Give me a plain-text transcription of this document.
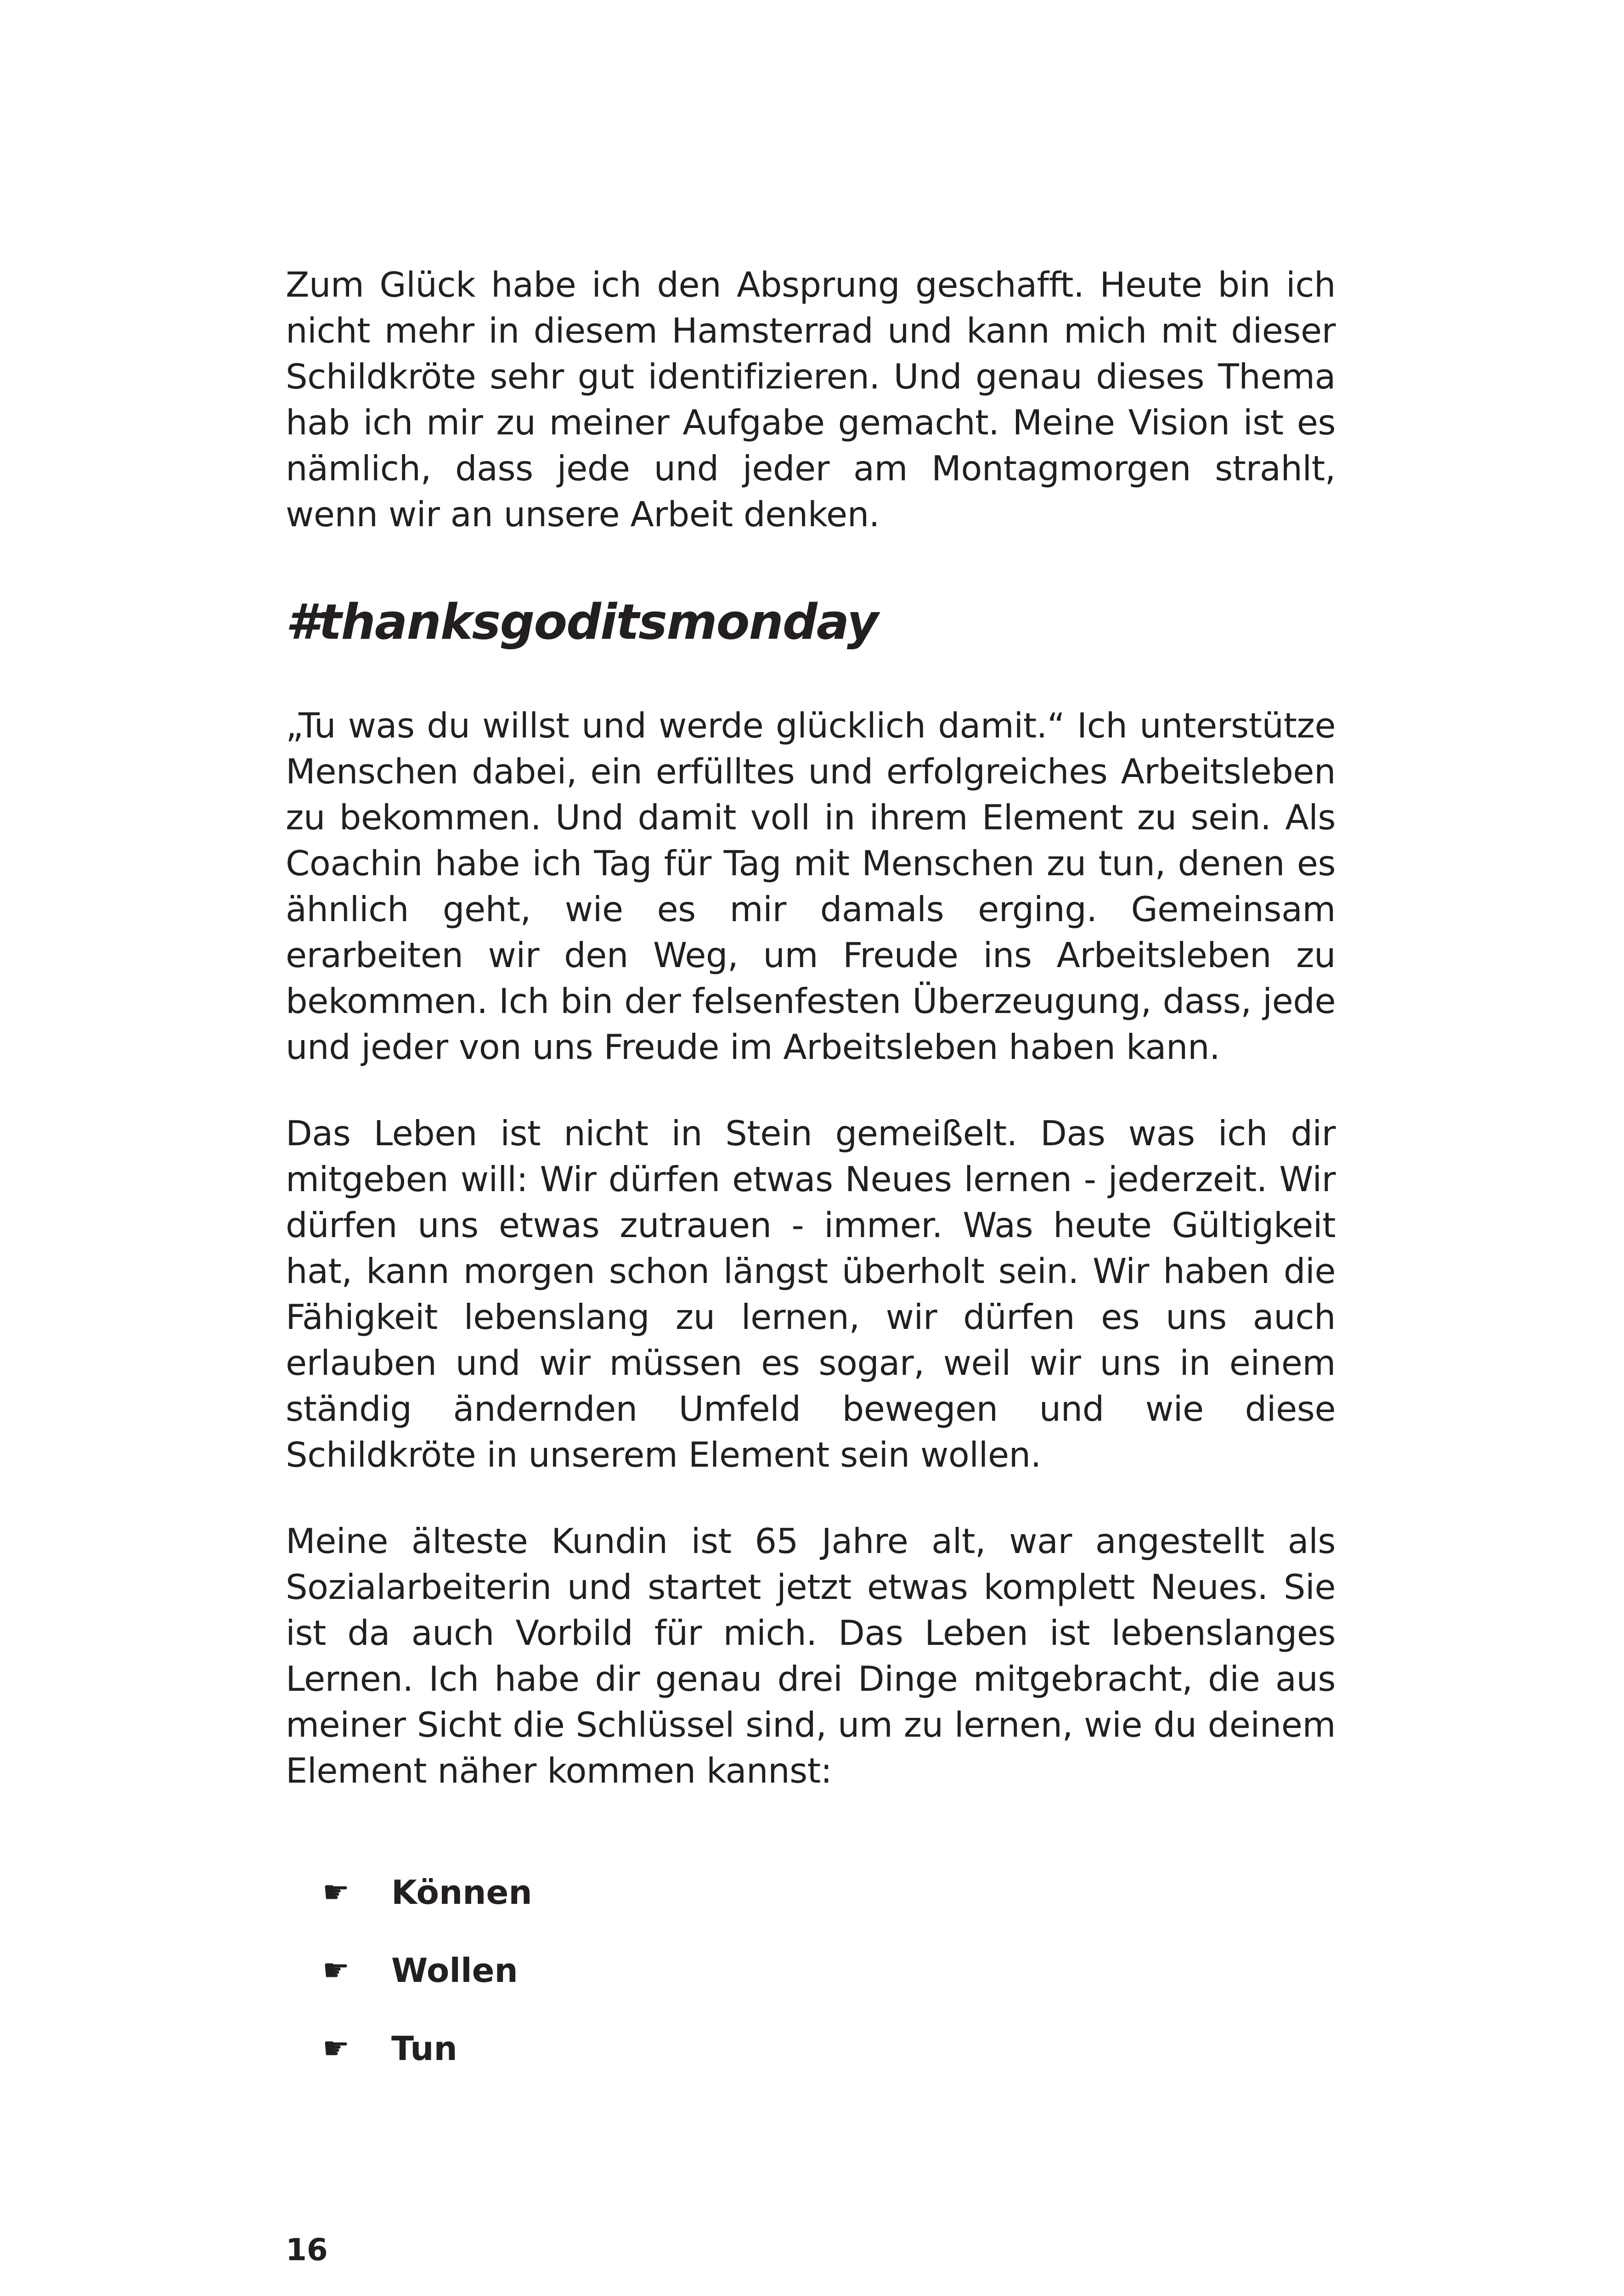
Zum Glück habe ich den Absprung geschafft. Heute bin ich nicht mehr in diesem Hamsterrad und kann mich mit dieser Schildkröte sehr gut identifizieren. Und genau dieses Thema hab ich mir zu meiner Aufgabe gemacht. Meine Vision ist es nämlich, dass jede und jeder am Montagmorgen strahlt, wenn wir an unsere Arbeit denken.

#thanksgoditsmonday

„Tu was du willst und werde glücklich damit.“ Ich unterstütze Menschen dabei, ein erfülltes und erfolgreiches Arbeitsleben zu bekommen. Und damit voll in ihrem Element zu sein. Als Coachin habe ich Tag für Tag mit Menschen zu tun, denen es ähnlich geht, wie es mir damals erging. Gemeinsam erarbeiten wir den Weg, um Freude ins Arbeitsleben zu bekommen. Ich bin der felsenfesten Überzeugung, dass, jede und jeder von uns Freude im Arbeitsleben haben kann.

Das Leben ist nicht in Stein gemeißelt. Das was ich dir mitgeben will: Wir dürfen etwas Neues lernen - jederzeit. Wir dürfen uns etwas zutrauen - immer. Was heute Gültigkeit hat, kann morgen schon längst überholt sein. Wir haben die Fähigkeit lebenslang zu lernen, wir dürfen es uns auch erlauben und wir müssen es sogar, weil wir uns in einem ständig ändernden Umfeld bewegen und wie diese Schildkröte in unserem Element sein wollen.

Meine älteste Kundin ist 65 Jahre alt, war angestellt als Sozialarbeiterin und startet jetzt etwas komplett Neues. Sie ist da auch Vorbild für mich. Das Leben ist lebenslanges Lernen. Ich habe dir genau drei Dinge mitgebracht, die aus meiner Sicht die Schlüssel sind, um zu lernen, wie du deinem Element näher kommen kannst:

☛	Können
☛	Wollen
☛	Tun
16
